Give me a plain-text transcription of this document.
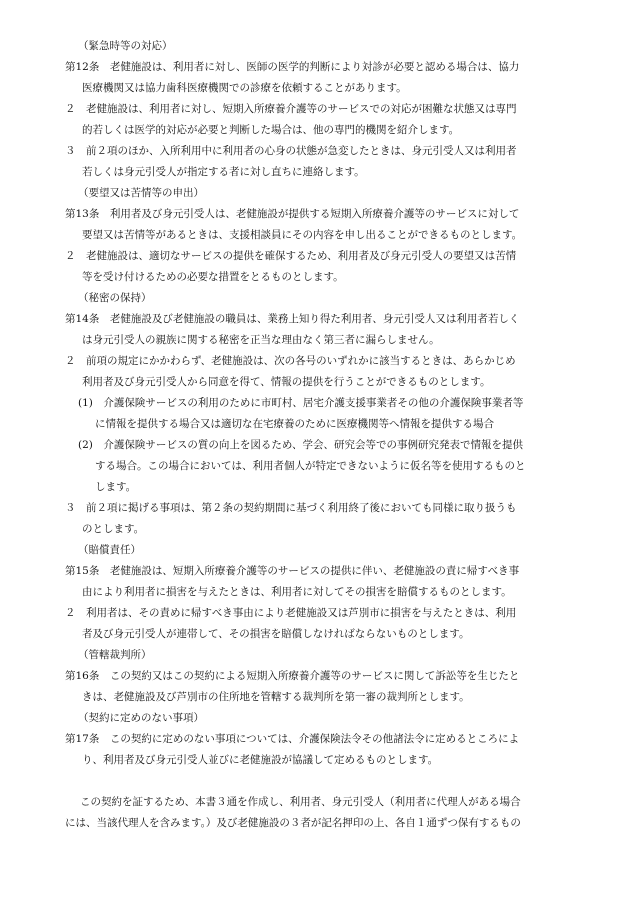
（緊急時等の対応）
第12条　老健施設は、利用者に対し、医師の医学的判断により対診が必要と認める場合は、協力
医療機関又は協力歯科医療機関での診療を依頼することがあります。
２　老健施設は、利用者に対し、短期入所療養介護等のサービスでの対応が困難な状態又は専門
的若しくは医学的対応が必要と判断した場合は、他の専門的機関を紹介します。
３　前２項のほか、入所利用中に利用者の心身の状態が急変したときは、身元引受人又は利用者
若しくは身元引受人が指定する者に対し直ちに連絡します。
（要望又は苦情等の申出）
第13条　利用者及び身元引受人は、老健施設が提供する短期入所療養介護等のサービスに対して
要望又は苦情等があるときは、支援相談員にその内容を申し出ることができるものとします。
２　老健施設は、適切なサービスの提供を確保するため、利用者及び身元引受人の要望又は苦情
等を受け付けるための必要な措置をとるものとします。
（秘密の保持）
第14条　老健施設及び老健施設の職員は、業務上知り得た利用者、身元引受人又は利用者若しく
は身元引受人の親族に関する秘密を正当な理由なく第三者に漏らしません。
２　前項の規定にかかわらず、老健施設は、次の各号のいずれかに該当するときは、あらかじめ
利用者及び身元引受人から同意を得て、情報の提供を行うことができるものとします。
(1)　介護保険サービスの利用のために市町村、居宅介護支援事業者その他の介護保険事業者等
に情報を提供する場合又は適切な在宅療養のために医療機関等へ情報を提供する場合
(2)　介護保険サービスの質の向上を図るため、学会、研究会等での事例研究発表で情報を提供
する場合。この場合においては、利用者個人が特定できないように仮名等を使用するものと
します。
３　前２項に掲げる事項は、第２条の契約期間に基づく利用終了後においても同様に取り扱うも
のとします。
（賠償責任）
第15条　老健施設は、短期入所療養介護等のサービスの提供に伴い、老健施設の責に帰すべき事
由により利用者に損害を与えたときは、利用者に対してその損害を賠償するものとします。
２　利用者は、その責めに帰すべき事由により老健施設又は芦別市に損害を与えたときは、利用
者及び身元引受人が連帯して、その損害を賠償しなければならないものとします。
（管轄裁判所）
第16条　この契約又はこの契約による短期入所療養介護等のサービスに関して訴訟等を生じたと
きは、老健施設及び芦別市の住所地を管轄する裁判所を第一審の裁判所とします。
（契約に定めのない事項）
第17条　この契約に定めのない事項については、介護保険法令その他諸法令に定めるところによ
り、利用者及び身元引受人並びに老健施設が協議して定めるものとします。
この契約を証するため、本書３通を作成し、利用者、身元引受人（利用者に代理人がある場合
には、当該代理人を含みます。）及び老健施設の３者が記名押印の上、各自１通ずつ保有するもの
